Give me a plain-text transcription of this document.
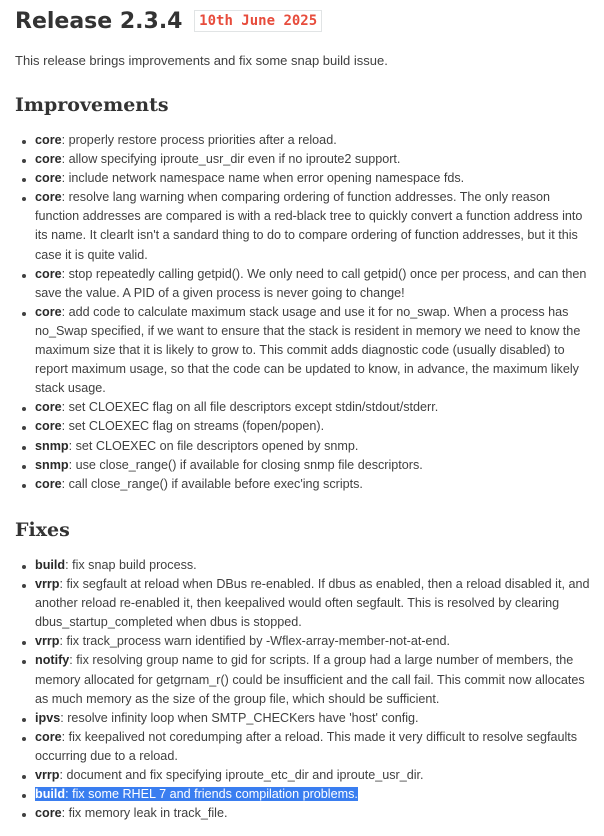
Release 2.3.4 10th June 2025

This release brings improvements and fix some snap build issue.

Improvements
core: properly restore process priorities after a reload.
core: allow specifying iproute_usr_dir even if no iproute2 support.
core: include network namespace name when error opening namespace fds.
core: resolve lang warning when comparing ordering of function addresses. The only reason function addresses are compared is with a red-black tree to quickly convert a function address into its name. It clearlt isn't a sandard thing to do to compare ordering of function addresses, but it this case it is quite valid.
core: stop repeatedly calling getpid(). We only need to call getpid() once per process, and can then save the value. A PID of a given process is never going to change!
core: add code to calculate maximum stack usage and use it for no_swap. When a process has no_Swap specified, if we want to ensure that the stack is resident in memory we need to know the maximum size that it is likely to grow to. This commit adds diagnostic code (usually disabled) to report maximum usage, so that the code can be updated to know, in advance, the maximum likely stack usage.
core: set CLOEXEC flag on all file descriptors except stdin/stdout/stderr.
core: set CLOEXEC flag on streams (fopen/popen).
snmp: set CLOEXEC on file descriptors opened by snmp.
snmp: use close_range() if available for closing snmp file descriptors.
core: call close_range() if available before exec'ing scripts.
Fixes
build: fix snap build process.
vrrp: fix segfault at reload when DBus re-enabled. If dbus as enabled, then a reload disabled it, and another reload re-enabled it, then keepalived would often segfault. This is resolved by clearing dbus_startup_completed when dbus is stopped.
vrrp: fix track_process warn identified by -Wflex-array-member-not-at-end.
notify: fix resolving group name to gid for scripts. If a group had a large number of members, the memory allocated for getgrnam_r() could be insufficient and the call fail. This commit now allocates as much memory as the size of the group file, which should be sufficient.
ipvs: resolve infinity loop when SMTP_CHECKers have 'host' config.
core: fix keepalived not coredumping after a reload. This made it very difficult to resolve segfaults occurring due to a reload.
vrrp: document and fix specifying iproute_etc_dir and iproute_usr_dir.
build: fix some RHEL 7 and friends compilation problems.
core: fix memory leak in track_file.
